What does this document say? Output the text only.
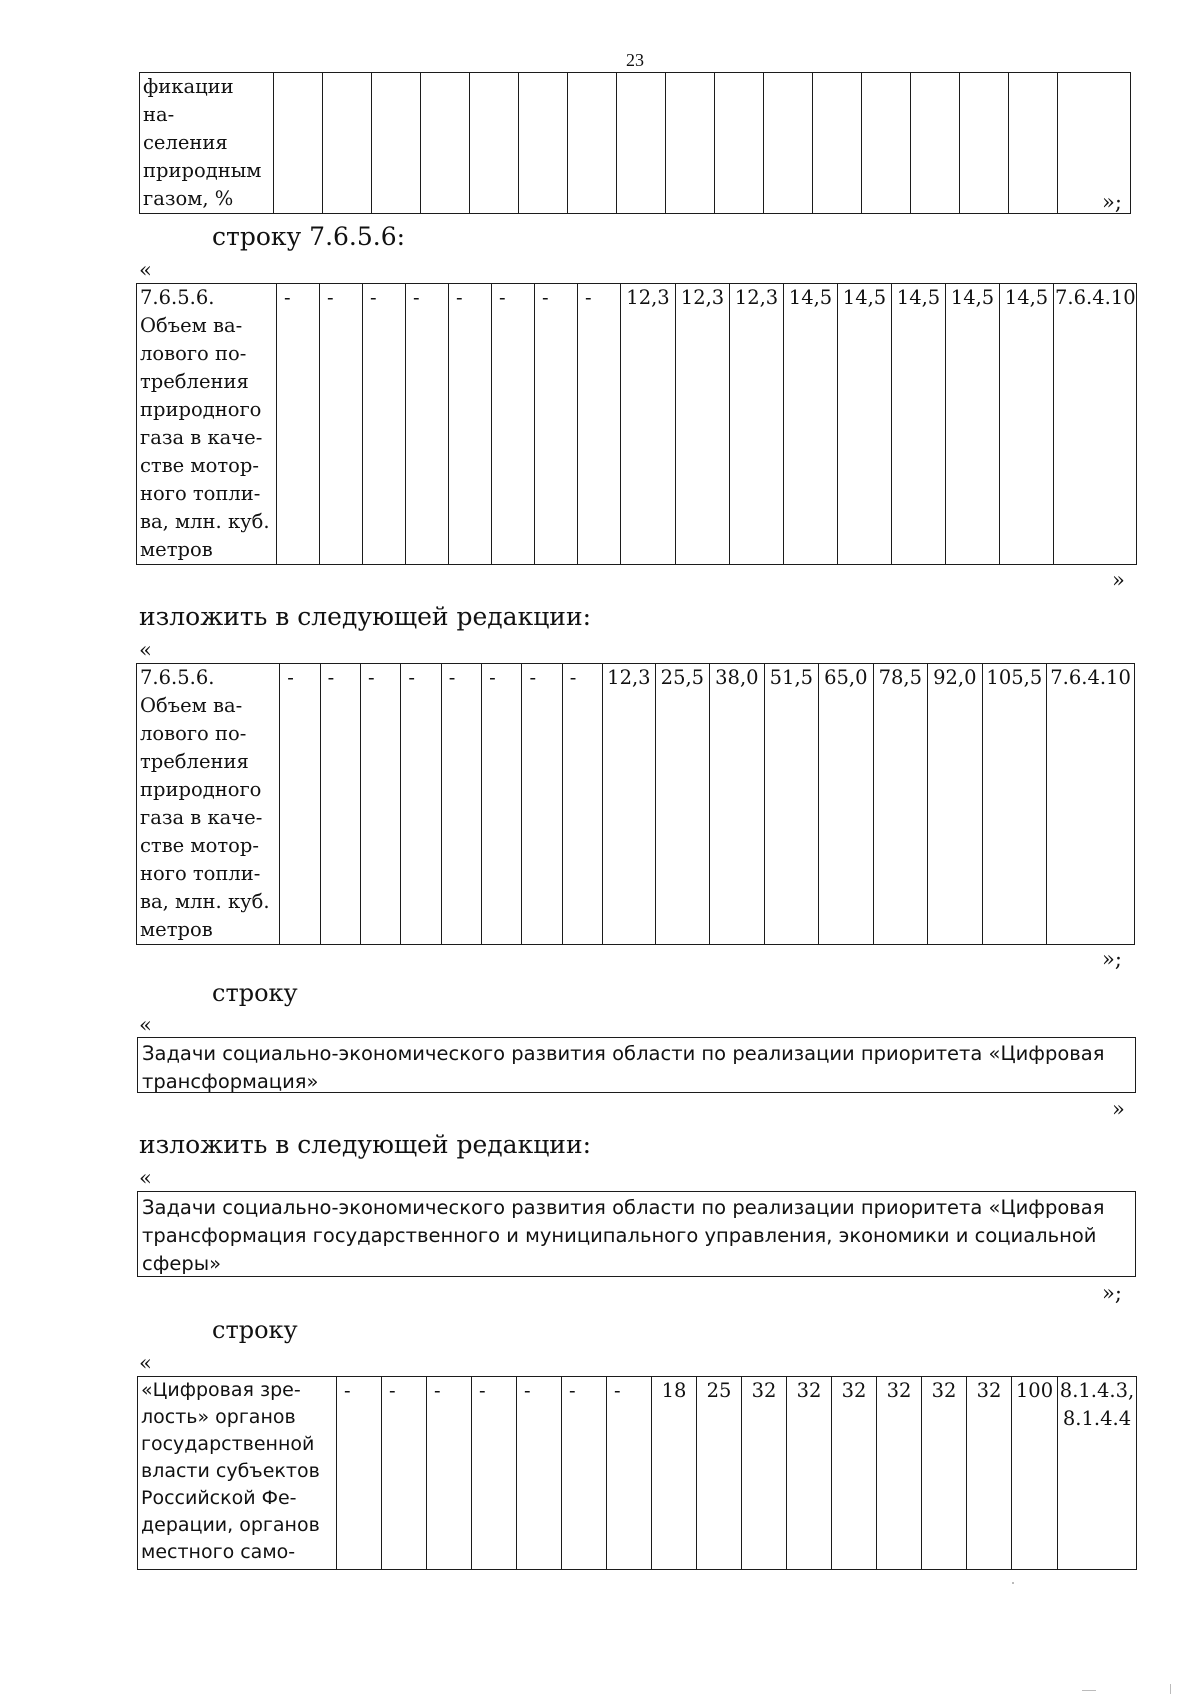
23
фикации на-
селения
природным
газом, %																		»;
строку 7.6.5.6:
«
7.6.5.6.
Объем ва-
лового по-
требления
природного
газа в каче-
стве мотор-
ного топли-
ва, млн. куб.
метров	-	-	-	-	-	-	-	-	12,3	12,3	12,3	14,5	14,5	14,5	14,5	14,5	7.6.4.10
»
изложить в следующей редакции:
«
7.6.5.6.
Объем ва-
лового по-
требления
природного
газа в каче-
стве мотор-
ного топли-
ва, млн. куб.
метров	-	-	-	-	-	-	-	-	12,3	25,5	38,0	51,5	65,0	78,5	92,0	105,5	7.6.4.10
»;
строку
«
Задачи социально-экономического развития области по реализации приоритета «Цифровая трансформация»
»
изложить в следующей редакции:
«
Задачи социально-экономического развития области по реализации приоритета «Цифровая трансформация государственного и муниципального управления, экономики и социальной сферы»
»;
строку
«
«Цифровая зре-
лость» органов
государственной
власти субъектов
Российской Фе-
дерации, органов
местного само-	-	-	-	-	-	-	-	18	25	32	32	32	32	32	32	100	8.1.4.3,
8.1.4.4
